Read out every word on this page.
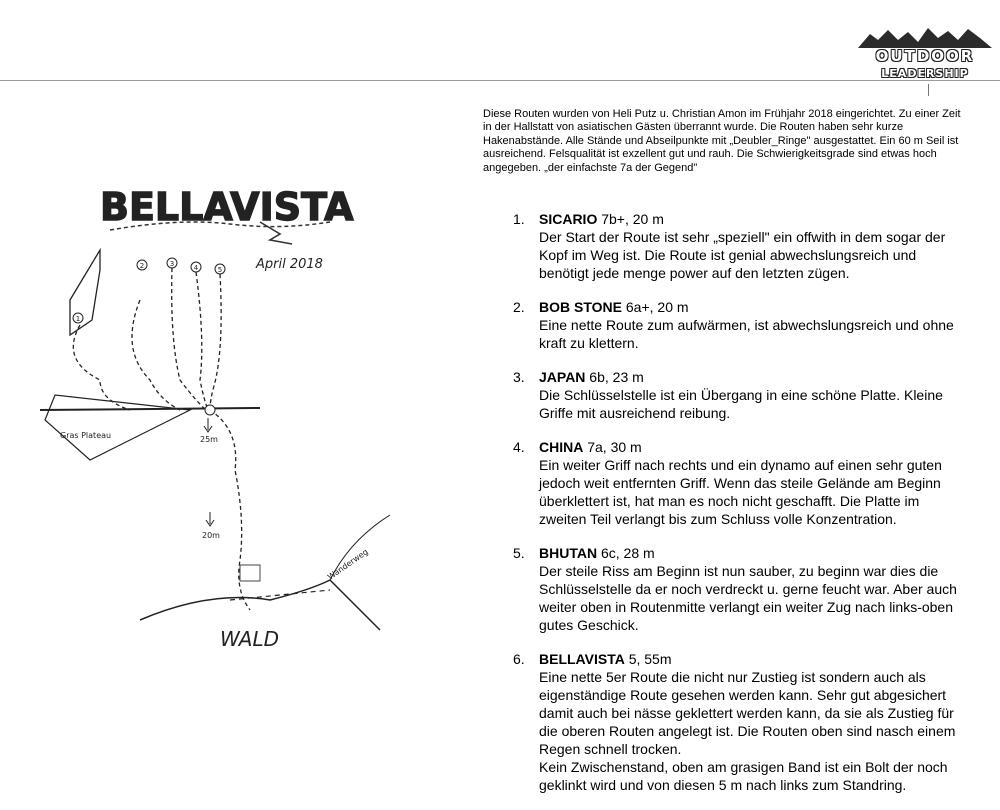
OUTDOOR
LEADERSHIP
Diese Routen wurden von Heli Putz u. Christian Amon im Frühjahr 2018 eingerichtet. Zu einer Zeit in der Hallstatt von asiatischen Gästen überrannt wurde. Die Routen haben sehr kurze Hakenabstände. Alle Stände und Abseilpunkte mit „Deubler_Ringe" ausgestattet. Ein 60 m Seil ist ausreichend. Felsqualität ist exzellent gut und rauh. Die Schwierigkeitsgrade sind etwas hoch angegeben. „der einfachste 7a der Gegend"
1. SICARIO 7b+, 20 m
Der Start der Route ist sehr „speziell" ein offwith in dem sogar der Kopf im Weg ist. Die Route ist genial abwechslungsreich und benötigt jede menge power auf den letzten zügen.
2. BOB STONE 6a+, 20 m
Eine nette Route zum aufwärmen, ist abwechslungsreich und ohne kraft zu klettern.
3. JAPAN 6b, 23 m
Die Schlüsselstelle ist ein Übergang in eine schöne Platte. Kleine Griffe mit ausreichend reibung.
4. CHINA 7a, 30 m
Ein weiter Griff nach rechts und ein dynamo auf einen sehr guten jedoch weit entfernten Griff. Wenn das steile Gelände am Beginn überklettert ist, hat man es noch nicht geschafft. Die Platte im zweiten Teil verlangt bis zum Schluss volle Konzentration.
5. BHUTAN 6c, 28 m
Der steile Riss am Beginn ist nun sauber, zu beginn war dies die Schlüsselstelle da er noch verdreckt u. gerne feucht war. Aber auch weiter oben in Routenmitte verlangt ein weiter Zug nach links-oben gutes Geschick.
6. BELLAVISTA 5, 55m
Eine nette 5er Route die nicht nur Zustieg ist sondern auch als eigenständige Route gesehen werden kann. Sehr gut abgesichert damit auch bei nässe geklettert werden kann, da sie als Zustieg für die oberen Routen angelegt ist. Die Routen oben sind nasch einem Regen schnell trocken.
Kein Zwischenstand, oben am grasigen Band ist ein Bolt der noch geklinkt wird und von diesen 5 m nach links zum Standring.
BELLAVISTA
April 2018
1
2	3	4	5
Gras Plateau	25m
20m
Wanderweg
WALD
